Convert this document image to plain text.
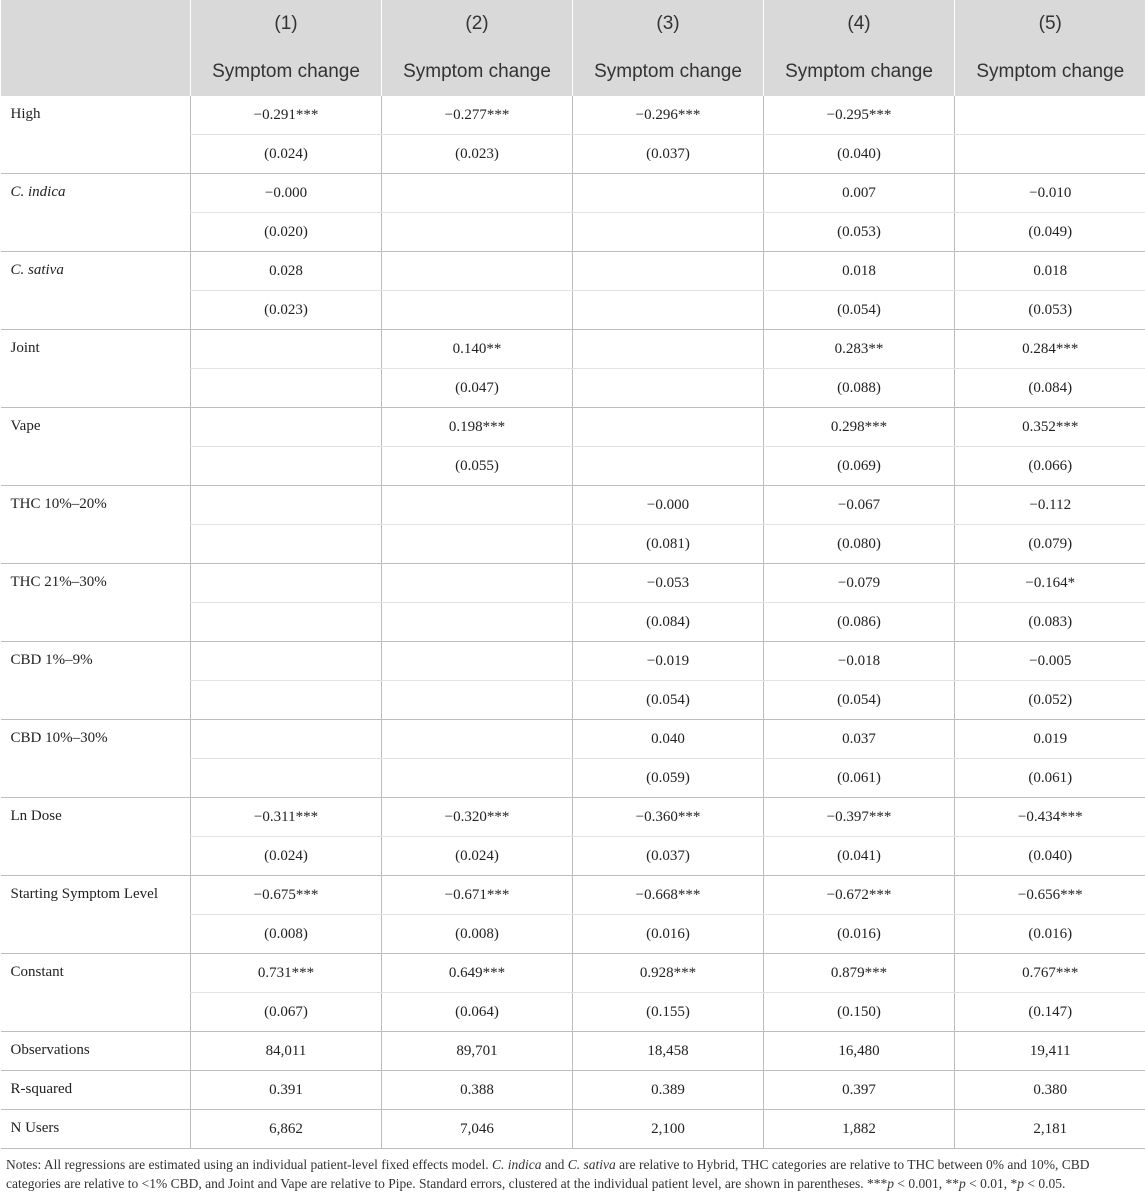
	(1)	(2)	(3)	(4)	(5)
	Symptom change	Symptom change	Symptom change	Symptom change	Symptom change
High	−0.291***	−0.277***	−0.296***	−0.295***	
	(0.024)	(0.023)	(0.037)	(0.040)	
C. indica	−0.000			0.007	−0.010
	(0.020)			(0.053)	(0.049)
C. sativa	0.028			0.018	0.018
	(0.023)			(0.054)	(0.053)
Joint		0.140**		0.283**	0.284***
		(0.047)		(0.088)	(0.084)
Vape		0.198***		0.298***	0.352***
		(0.055)		(0.069)	(0.066)
THC 10%–20%			−0.000	−0.067	−0.112
			(0.081)	(0.080)	(0.079)
THC 21%–30%			−0.053	−0.079	−0.164*
			(0.084)	(0.086)	(0.083)
CBD 1%–9%			−0.019	−0.018	−0.005
			(0.054)	(0.054)	(0.052)
CBD 10%–30%			0.040	0.037	0.019
			(0.059)	(0.061)	(0.061)
Ln Dose	−0.311***	−0.320***	−0.360***	−0.397***	−0.434***
	(0.024)	(0.024)	(0.037)	(0.041)	(0.040)
Starting Symptom Level	−0.675***	−0.671***	−0.668***	−0.672***	−0.656***
	(0.008)	(0.008)	(0.016)	(0.016)	(0.016)
Constant	0.731***	0.649***	0.928***	0.879***	0.767***
	(0.067)	(0.064)	(0.155)	(0.150)	(0.147)
Observations	84,011	89,701	18,458	16,480	19,411
R-squared	0.391	0.388	0.389	0.397	0.380
N Users	6,862	7,046	2,100	1,882	2,181
Notes: All regressions are estimated using an individual patient-level fixed effects model. C. indica and C. sativa are relative to Hybrid, THC categories are relative to THC between 0% and 10%, CBD categories are relative to <1% CBD, and Joint and Vape are relative to Pipe. Standard errors, clustered at the individual patient level, are shown in parentheses. ***p < 0.001, **p < 0.01, *p < 0.05.
